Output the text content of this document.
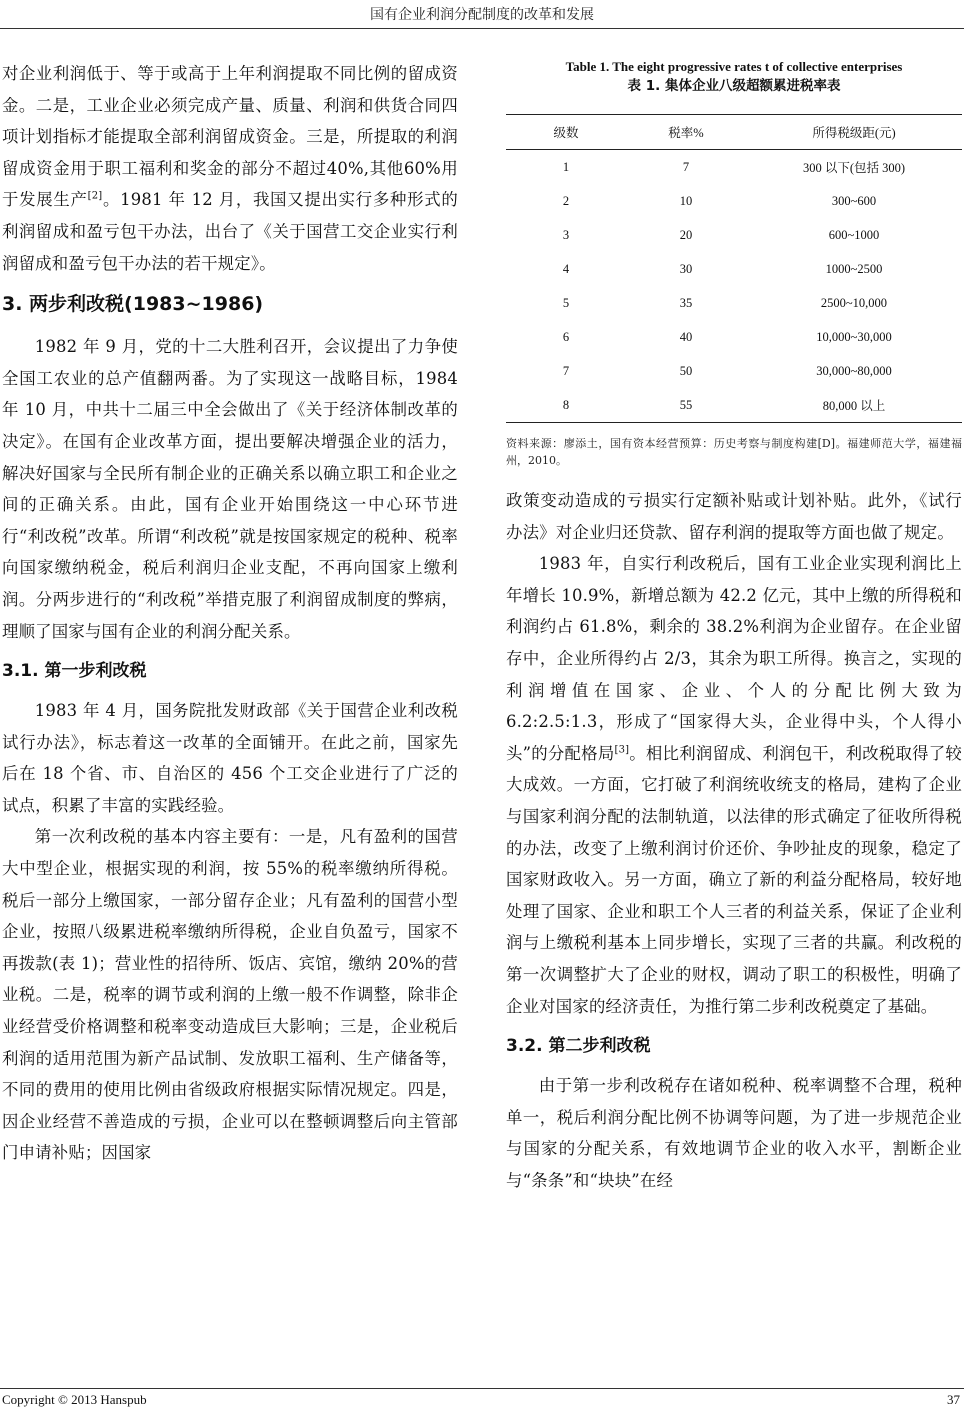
国有企业利润分配制度的改革和发展

对企业利润低于、等于或高于上年利润提取不同比例的留成资金。二是，工业企业必须完成产量、质量、利润和供货合同四项计划指标才能提取全部利润留成资金。三是，所提取的利润留成资金用于职工福利和奖金的部分不超过40%,其他60%用于发展生产[2]。1981 年 12 月，我国又提出实行多种形式的利润留成和盈亏包干办法，出台了《关于国营工交企业实行利润留成和盈亏包干办法的若干规定》。

3. 两步利改税(1983~1986)

1982 年 9 月，党的十二大胜利召开，会议提出了力争使全国工农业的总产值翻两番。为了实现这一战略目标，1984 年 10 月，中共十二届三中全会做出了《关于经济体制改革的决定》。在国有企业改革方面，提出要解决增强企业的活力，解决好国家与全民所有制企业的正确关系以确立职工和企业之间的正确关系。由此，国有企业开始围绕这一中心环节进行“利改税”改革。所谓“利改税”就是按国家规定的税种、税率向国家缴纳税金，税后利润归企业支配，不再向国家上缴利润。分两步进行的“利改税”举措克服了利润留成制度的弊病，理顺了国家与国有企业的利润分配关系。

3.1. 第一步利改税

1983 年 4 月，国务院批发财政部《关于国营企业利改税试行办法》，标志着这一改革的全面铺开。在此之前，国家先后在 18 个省、市、自治区的 456 个工交企业进行了广泛的试点，积累了丰富的实践经验。

第一次利改税的基本内容主要有：一是，凡有盈利的国营大中型企业，根据实现的利润，按 55%的税率缴纳所得税。税后一部分上缴国家，一部分留存企业；凡有盈利的国营小型企业，按照八级累进税率缴纳所得税，企业自负盈亏，国家不再拨款(表 1)；营业性的招待所、饭店、宾馆，缴纳 20%的营业税。二是，税率的调节或利润的上缴一般不作调整，除非企业经营受价格调整和税率变动造成巨大影响；三是，企业税后利润的适用范围为新产品试制、发放职工福利、生产储备等，不同的费用的使用比例由省级政府根据实际情况规定。四是，因企业经营不善造成的亏损，企业可以在整顿调整后向主管部门申请补贴；因国家

Table 1. The eight progressive rates t of collective enterprises
表 1. 集体企业八级超额累进税率表
级数	税率%	所得税级距(元)
1	7	300 以下(包括 300)
2	10	300~600
3	20	600~1000
4	30	1000~2500
5	35	2500~10,000
6	40	10,000~30,000
7	50	30,000~80,000
8	55	80,000 以上
资料来源：廖添土，国有资本经营预算：历史考察与制度构建[D]。福建师范大学，福建福州，2010。

政策变动造成的亏损实行定额补贴或计划补贴。此外，《试行办法》对企业归还贷款、留存利润的提取等方面也做了规定。

1983 年，自实行利改税后，国有工业企业实现利润比上年增长 10.9%，新增总额为 42.2 亿元，其中上缴的所得税和利润约占 61.8%，剩余的 38.2%利润为企业留存。在企业留存中，企业所得约占 2/3，其余为职工所得。换言之，实现的利润增值在国家、企业、个人的分配比例大致为 6.2:2.5:1.3，形成了“国家得大头，企业得中头，个人得小头”的分配格局[3]。相比利润留成、利润包干，利改税取得了较大成效。一方面，它打破了利润统收统支的格局，建构了企业与国家利润分配的法制轨道，以法律的形式确定了征收所得税的办法，改变了上缴利润讨价还价、争吵扯皮的现象，稳定了国家财政收入。另一方面，确立了新的利益分配格局，较好地处理了国家、企业和职工个人三者的利益关系，保证了企业利润与上缴税利基本上同步增长，实现了三者的共赢。利改税的第一次调整扩大了企业的财权，调动了职工的积极性，明确了企业对国家的经济责任，为推行第二步利改税奠定了基础。

3.2. 第二步利改税

由于第一步利改税存在诸如税种、税率调整不合理，税种单一，税后利润分配比例不协调等问题，为了进一步规范企业与国家的分配关系，有效地调节企业的收入水平，割断企业与“条条”和“块块”在经

Copyright © 2013 Hanspub	37
